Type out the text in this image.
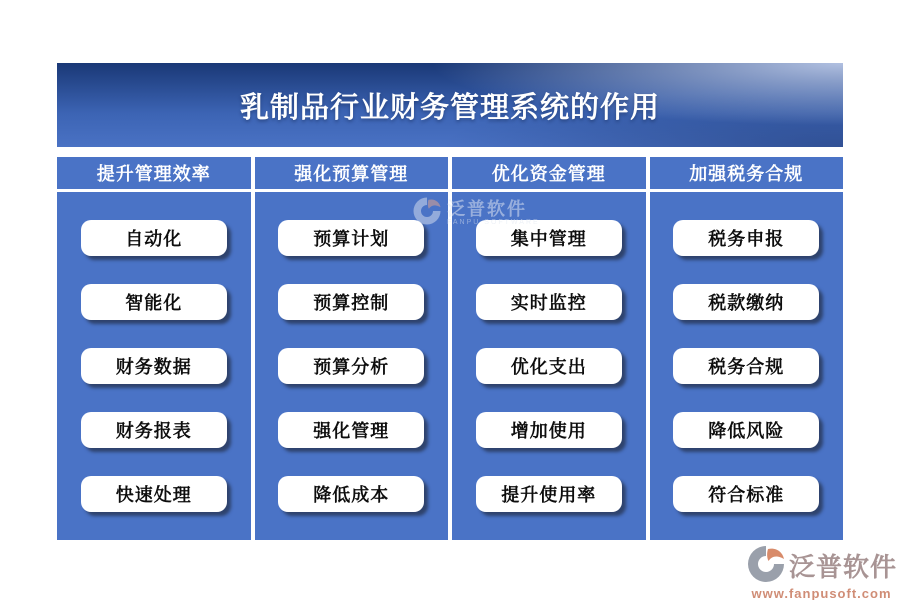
乳制品行业财务管理系统的作用
提升管理效率
自动化
智能化
财务数据
财务报表
快速处理
强化预算管理
预算计划
预算控制
预算分析
强化管理
降低成本
优化资金管理
集中管理
实时监控
优化支出
增加使用
提升使用率
加强税务合规
税务申报
税款缴纳
税务合规
降低风险
符合标准
泛普软件
FANPU SOFTWARE
泛普软件
www.fanpusoft.com
